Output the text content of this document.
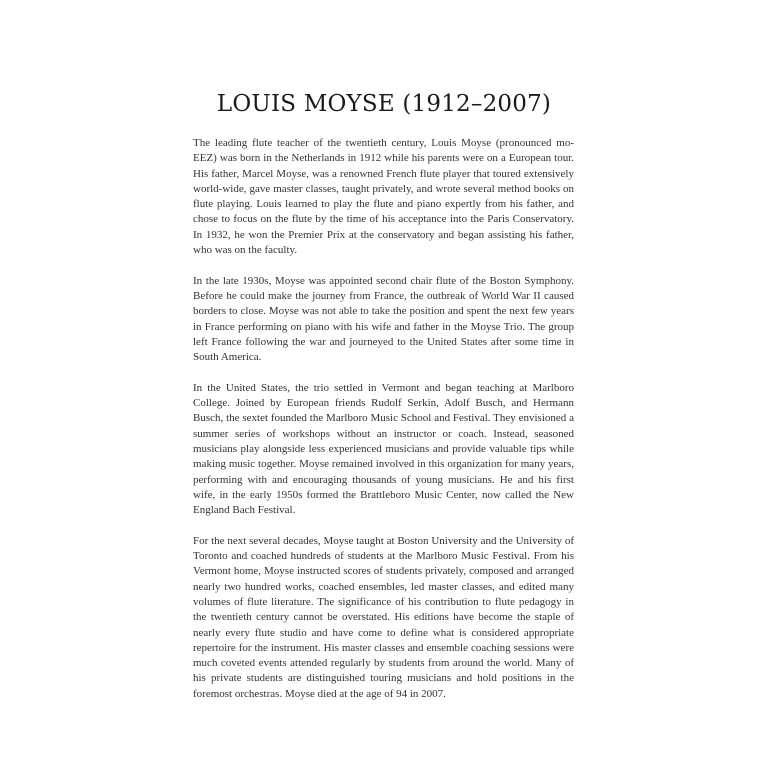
LOUIS MOYSE (1912–2007)

The leading flute teacher of the twentieth century, Louis Moyse (pronounced mo-EEZ) was born in the Netherlands in 1912 while his parents were on a European tour. His father, Marcel Moyse, was a renowned French flute player that toured extensively world-wide, gave master classes, taught privately, and wrote several method books on flute playing. Louis learned to play the flute and piano expertly from his father, and chose to focus on the flute by the time of his acceptance into the Paris Conservatory. In 1932, he won the Premier Prix at the conservatory and began assisting his father, who was on the faculty.

In the late 1930s, Moyse was appointed second chair flute of the Boston Symphony. Before he could make the journey from France, the outbreak of World War II caused borders to close. Moyse was not able to take the position and spent the next few years in France performing on piano with his wife and father in the Moyse Trio. The group left France following the war and journeyed to the United States after some time in South America.

In the United States, the trio settled in Vermont and began teaching at Marlboro College. Joined by European friends Rudolf Serkin, Adolf Busch, and Hermann Busch, the sextet founded the Marlboro Music School and Festival. They envisioned a summer series of workshops without an instructor or coach. Instead, seasoned musicians play alongside less experienced musicians and provide valuable tips while making music together. Moyse remained involved in this organization for many years, performing with and encouraging thousands of young musicians. He and his first wife, in the early 1950s formed the Brattleboro Music Center, now called the New England Bach Festival.

For the next several decades, Moyse taught at Boston University and the University of Toronto and coached hundreds of students at the Marlboro Music Festival. From his Vermont home, Moyse instructed scores of students privately, composed and arranged nearly two hundred works, coached ensembles, led master classes, and edited many volumes of flute literature. The significance of his contribution to flute pedagogy in the twentieth century cannot be overstated. His editions have become the staple of nearly every flute studio and have come to define what is considered appropriate repertoire for the instrument. His master classes and ensemble coaching sessions were much coveted events attended regularly by students from around the world. Many of his private students are distinguished touring musicians and hold positions in the foremost orchestras. Moyse died at the age of 94 in 2007.
